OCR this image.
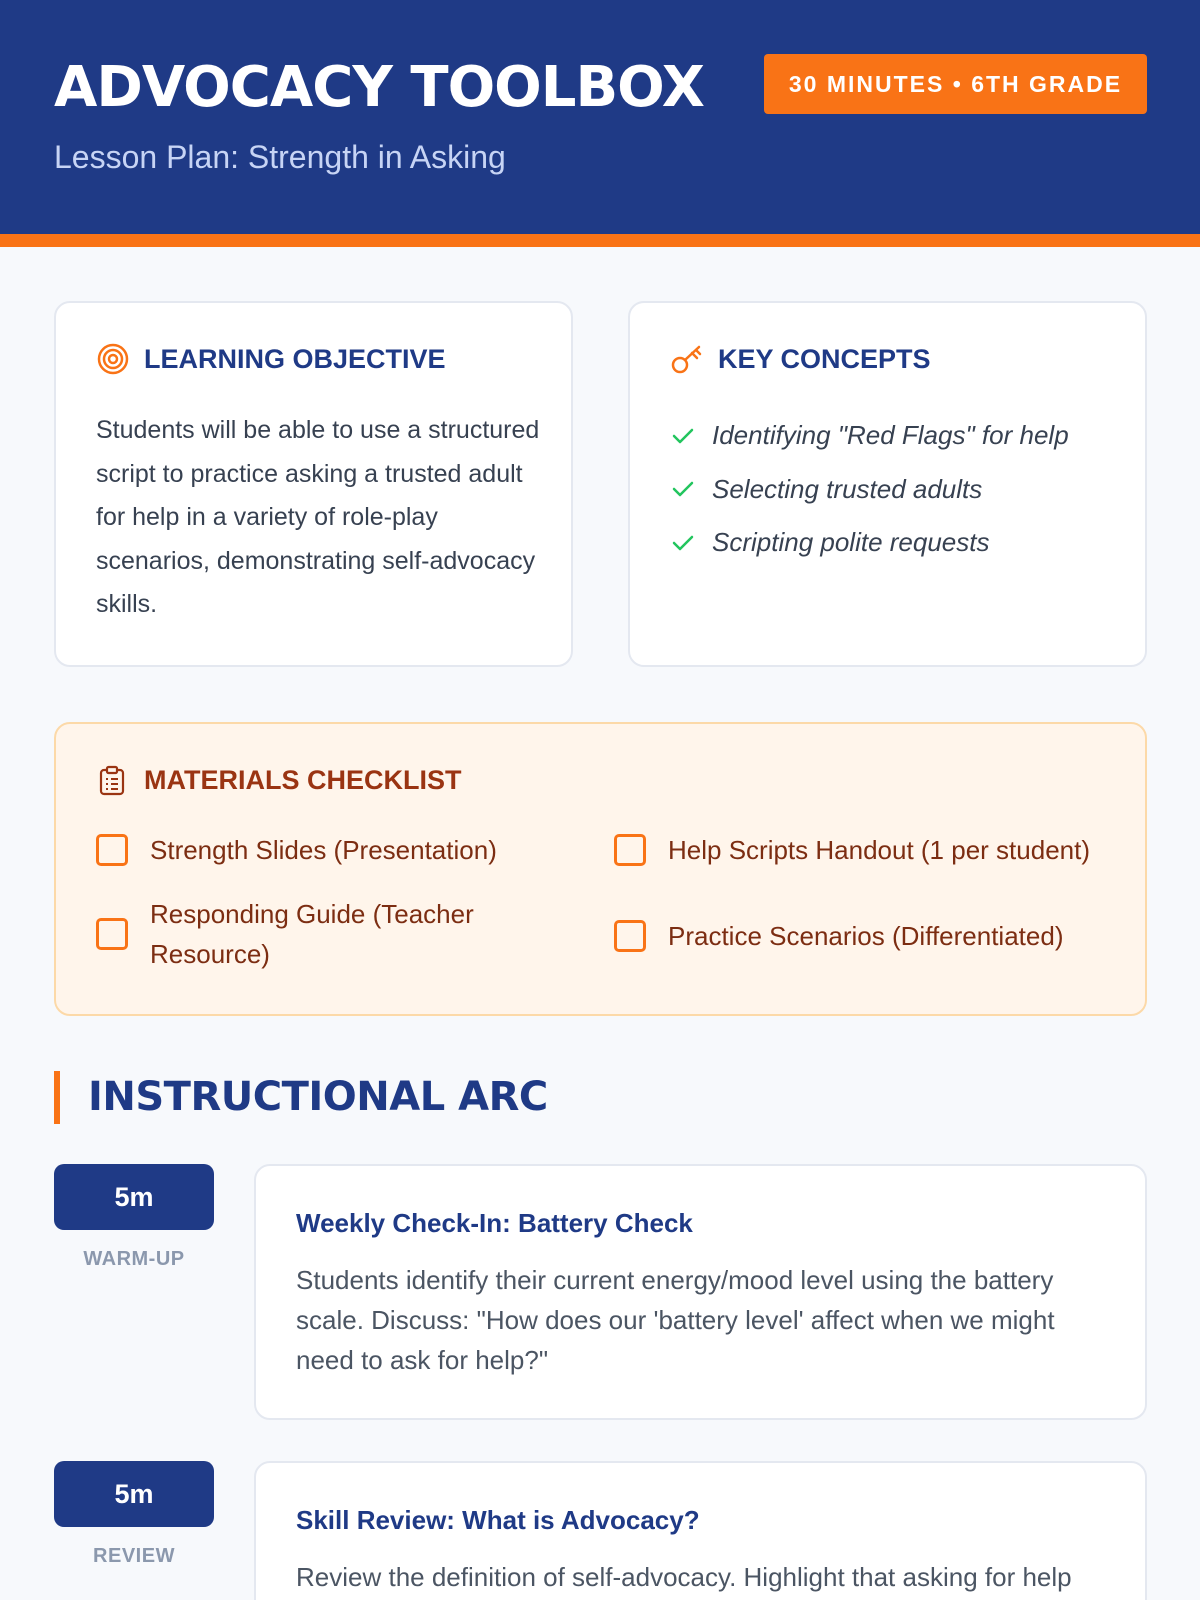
ADVOCACY TOOLBOX	30 MINUTES • 6TH GRADE
Lesson Plan: Strength in Asking
LEARNING OBJECTIVE

Students will be able to use a structured script to practice asking a trusted adult for help in a variety of role-play scenarios, demonstrating self-advocacy skills.

KEY CONCEPTS
Identifying "Red Flags" for help
Selecting trusted adults
Scripting polite requests
MATERIALS CHECKLIST
Strength Slides (Presentation)	Help Scripts Handout (1 per student)
Responding Guide (Teacher Resource)
Practice Scenarios (Differentiated)
INSTRUCTIONAL ARC
5m
WARM-UP
Weekly Check-In: Battery Check

Students identify their current energy/mood level using the battery scale. Discuss: "How does our 'battery level' affect when we might need to ask for help?"

5m
REVIEW
Skill Review: What is Advocacy?

Review the definition of self-advocacy. Highlight that asking for help
